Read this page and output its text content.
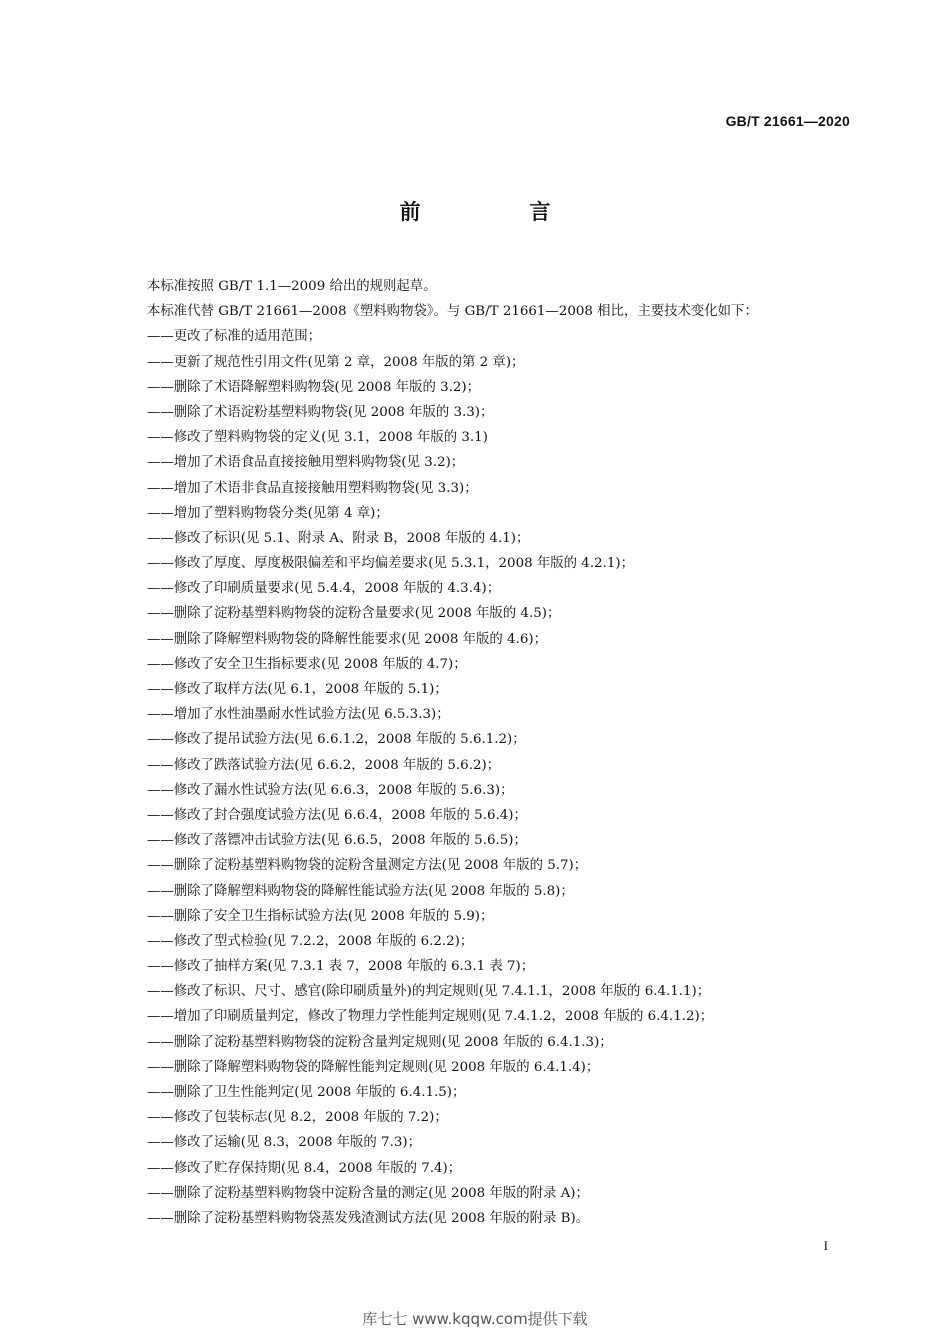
GB/T 21661—2020
前　言
本标准按照 GB/T 1.1—2009 给出的规则起草。
本标准代替 GB/T 21661—2008《塑料购物袋》。与 GB/T 21661—2008 相比，主要技术变化如下：
——更改了标准的适用范围；
——更新了规范性引用文件(见第 2 章，2008 年版的第 2 章)；
——删除了术语降解塑料购物袋(见 2008 年版的 3.2)；
——删除了术语淀粉基塑料购物袋(见 2008 年版的 3.3)；
——修改了塑料购物袋的定义(见 3.1，2008 年版的 3.1)
——增加了术语食品直接接触用塑料购物袋(见 3.2)；
——增加了术语非食品直接接触用塑料购物袋(见 3.3)；
——增加了塑料购物袋分类(见第 4 章)；
——修改了标识(见 5.1、附录 A、附录 B，2008 年版的 4.1)；
——修改了厚度、厚度极限偏差和平均偏差要求(见 5.3.1，2008 年版的 4.2.1)；
——修改了印刷质量要求(见 5.4.4，2008 年版的 4.3.4)；
——删除了淀粉基塑料购物袋的淀粉含量要求(见 2008 年版的 4.5)；
——删除了降解塑料购物袋的降解性能要求(见 2008 年版的 4.6)；
——修改了安全卫生指标要求(见 2008 年版的 4.7)；
——修改了取样方法(见 6.1，2008 年版的 5.1)；
——增加了水性油墨耐水性试验方法(见 6.5.3.3)；
——修改了提吊试验方法(见 6.6.1.2，2008 年版的 5.6.1.2)；
——修改了跌落试验方法(见 6.6.2，2008 年版的 5.6.2)；
——修改了漏水性试验方法(见 6.6.3，2008 年版的 5.6.3)；
——修改了封合强度试验方法(见 6.6.4，2008 年版的 5.6.4)；
——修改了落镖冲击试验方法(见 6.6.5，2008 年版的 5.6.5)；
——删除了淀粉基塑料购物袋的淀粉含量测定方法(见 2008 年版的 5.7)；
——删除了降解塑料购物袋的降解性能试验方法(见 2008 年版的 5.8)；
——删除了安全卫生指标试验方法(见 2008 年版的 5.9)；
——修改了型式检验(见 7.2.2，2008 年版的 6.2.2)；
——修改了抽样方案(见 7.3.1 表 7，2008 年版的 6.3.1 表 7)；
——修改了标识、尺寸、感官(除印刷质量外)的判定规则(见 7.4.1.1，2008 年版的 6.4.1.1)；
——增加了印刷质量判定，修改了物理力学性能判定规则(见 7.4.1.2，2008 年版的 6.4.1.2)；
——删除了淀粉基塑料购物袋的淀粉含量判定规则(见 2008 年版的 6.4.1.3)；
——删除了降解塑料购物袋的降解性能判定规则(见 2008 年版的 6.4.1.4)；
——删除了卫生性能判定(见 2008 年版的 6.4.1.5)；
——修改了包装标志(见 8.2，2008 年版的 7.2)；
——修改了运输(见 8.3，2008 年版的 7.3)；
——修改了贮存保持期(见 8.4，2008 年版的 7.4)；
——删除了淀粉基塑料购物袋中淀粉含量的测定(见 2008 年版的附录 A)；
——删除了淀粉基塑料购物袋蒸发残渣测试方法(见 2008 年版的附录 B)。
I
库七七 www.kqqw.com提供下载
